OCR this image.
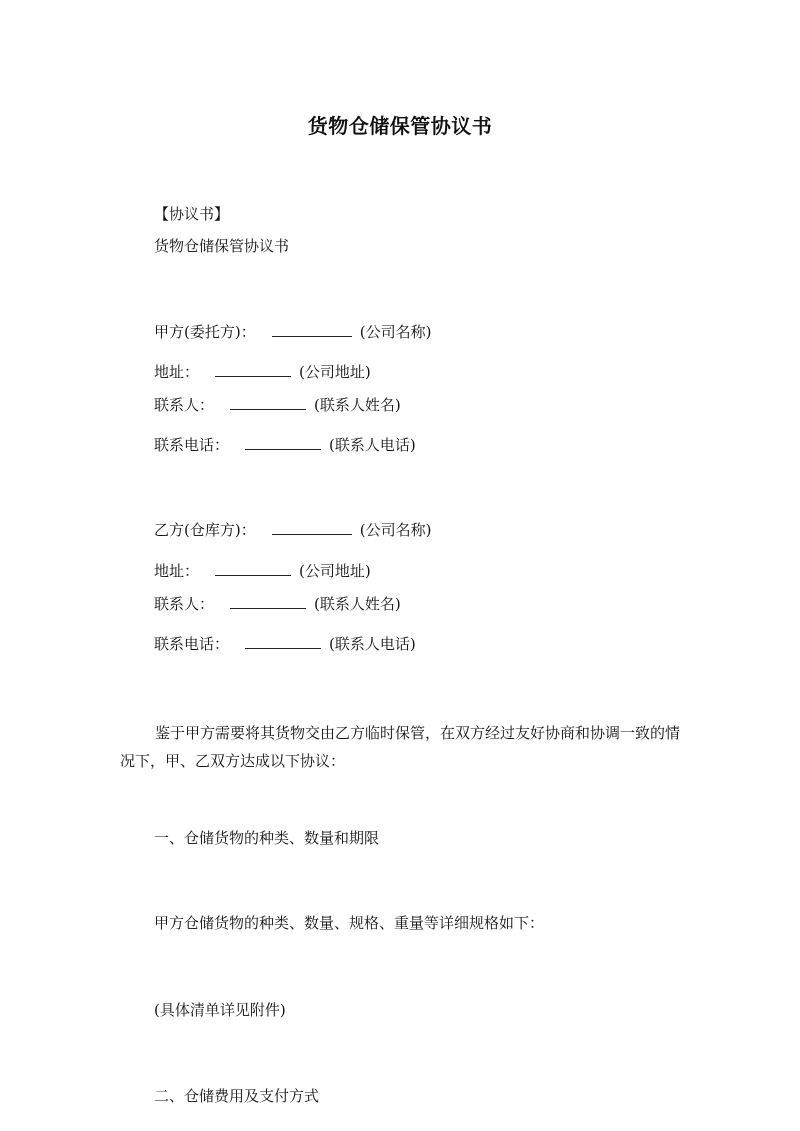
货物仓储保管协议书
【协议书】
货物仓储保管协议书
甲方(委托方)：	(公司名称)
地址：	(公司地址)
联系人：	(联系人姓名)
联系电话：	(联系人电话)
乙方(仓库方)：	(公司名称)
地址：	(公司地址)
联系人：	(联系人姓名)
联系电话：	(联系人电话)
鉴于甲方需要将其货物交由乙方临时保管，在双方经过友好协商和协调一致的情况下，甲、乙双方达成以下协议：
一、仓储货物的种类、数量和期限
甲方仓储货物的种类、数量、规格、重量等详细规格如下：
(具体清单详见附件)
二、仓储费用及支付方式
